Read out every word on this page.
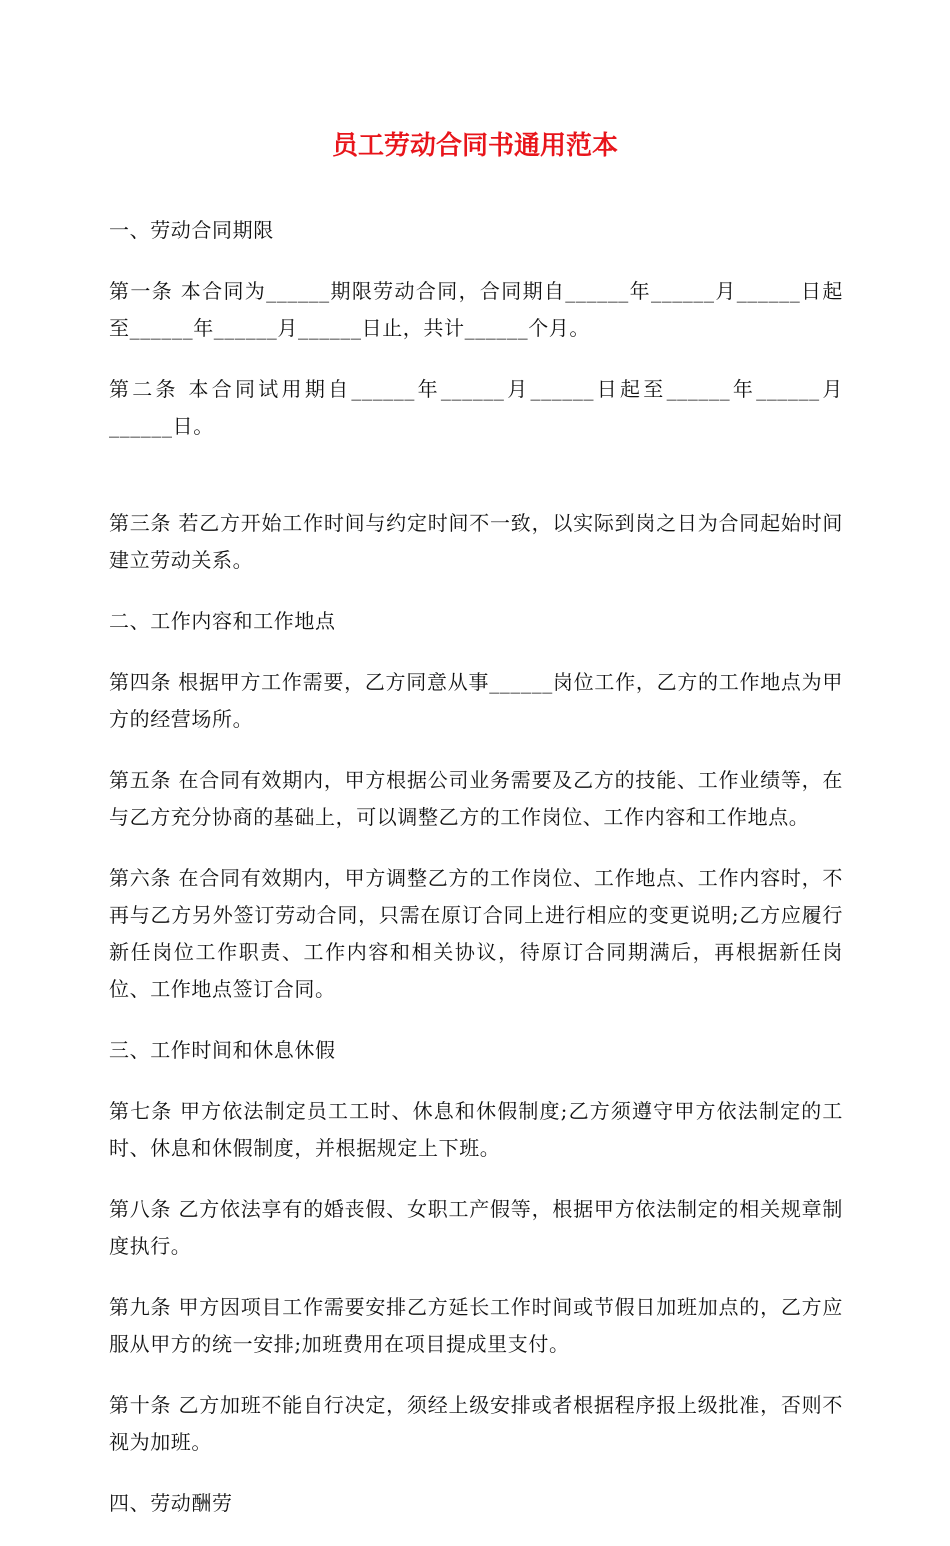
员工劳动合同书通用范本

一、劳动合同期限

第一条 本合同为______期限劳动合同，合同期自______年______月______日起至______年______月______日止，共计______个月。

第二条 本合同试用期自______年______月______日起至______年______月______日。

第三条 若乙方开始工作时间与约定时间不一致，以实际到岗之日为合同起始时间建立劳动关系。

二、工作内容和工作地点

第四条 根据甲方工作需要，乙方同意从事______岗位工作，乙方的工作地点为甲方的经营场所。

第五条 在合同有效期内，甲方根据公司业务需要及乙方的技能、工作业绩等，在与乙方充分协商的基础上，可以调整乙方的工作岗位、工作内容和工作地点。

第六条 在合同有效期内，甲方调整乙方的工作岗位、工作地点、工作内容时，不再与乙方另外签订劳动合同，只需在原订合同上进行相应的变更说明;乙方应履行新任岗位工作职责、工作内容和相关协议，待原订合同期满后，再根据新任岗位、工作地点签订合同。

三、工作时间和休息休假

第七条 甲方依法制定员工工时、休息和休假制度;乙方须遵守甲方依法制定的工时、休息和休假制度，并根据规定上下班。

第八条 乙方依法享有的婚丧假、女职工产假等，根据甲方依法制定的相关规章制度执行。

第九条 甲方因项目工作需要安排乙方延长工作时间或节假日加班加点的，乙方应服从甲方的统一安排;加班费用在项目提成里支付。

第十条 乙方加班不能自行决定，须经上级安排或者根据程序报上级批准，否则不视为加班。

四、劳动酬劳
